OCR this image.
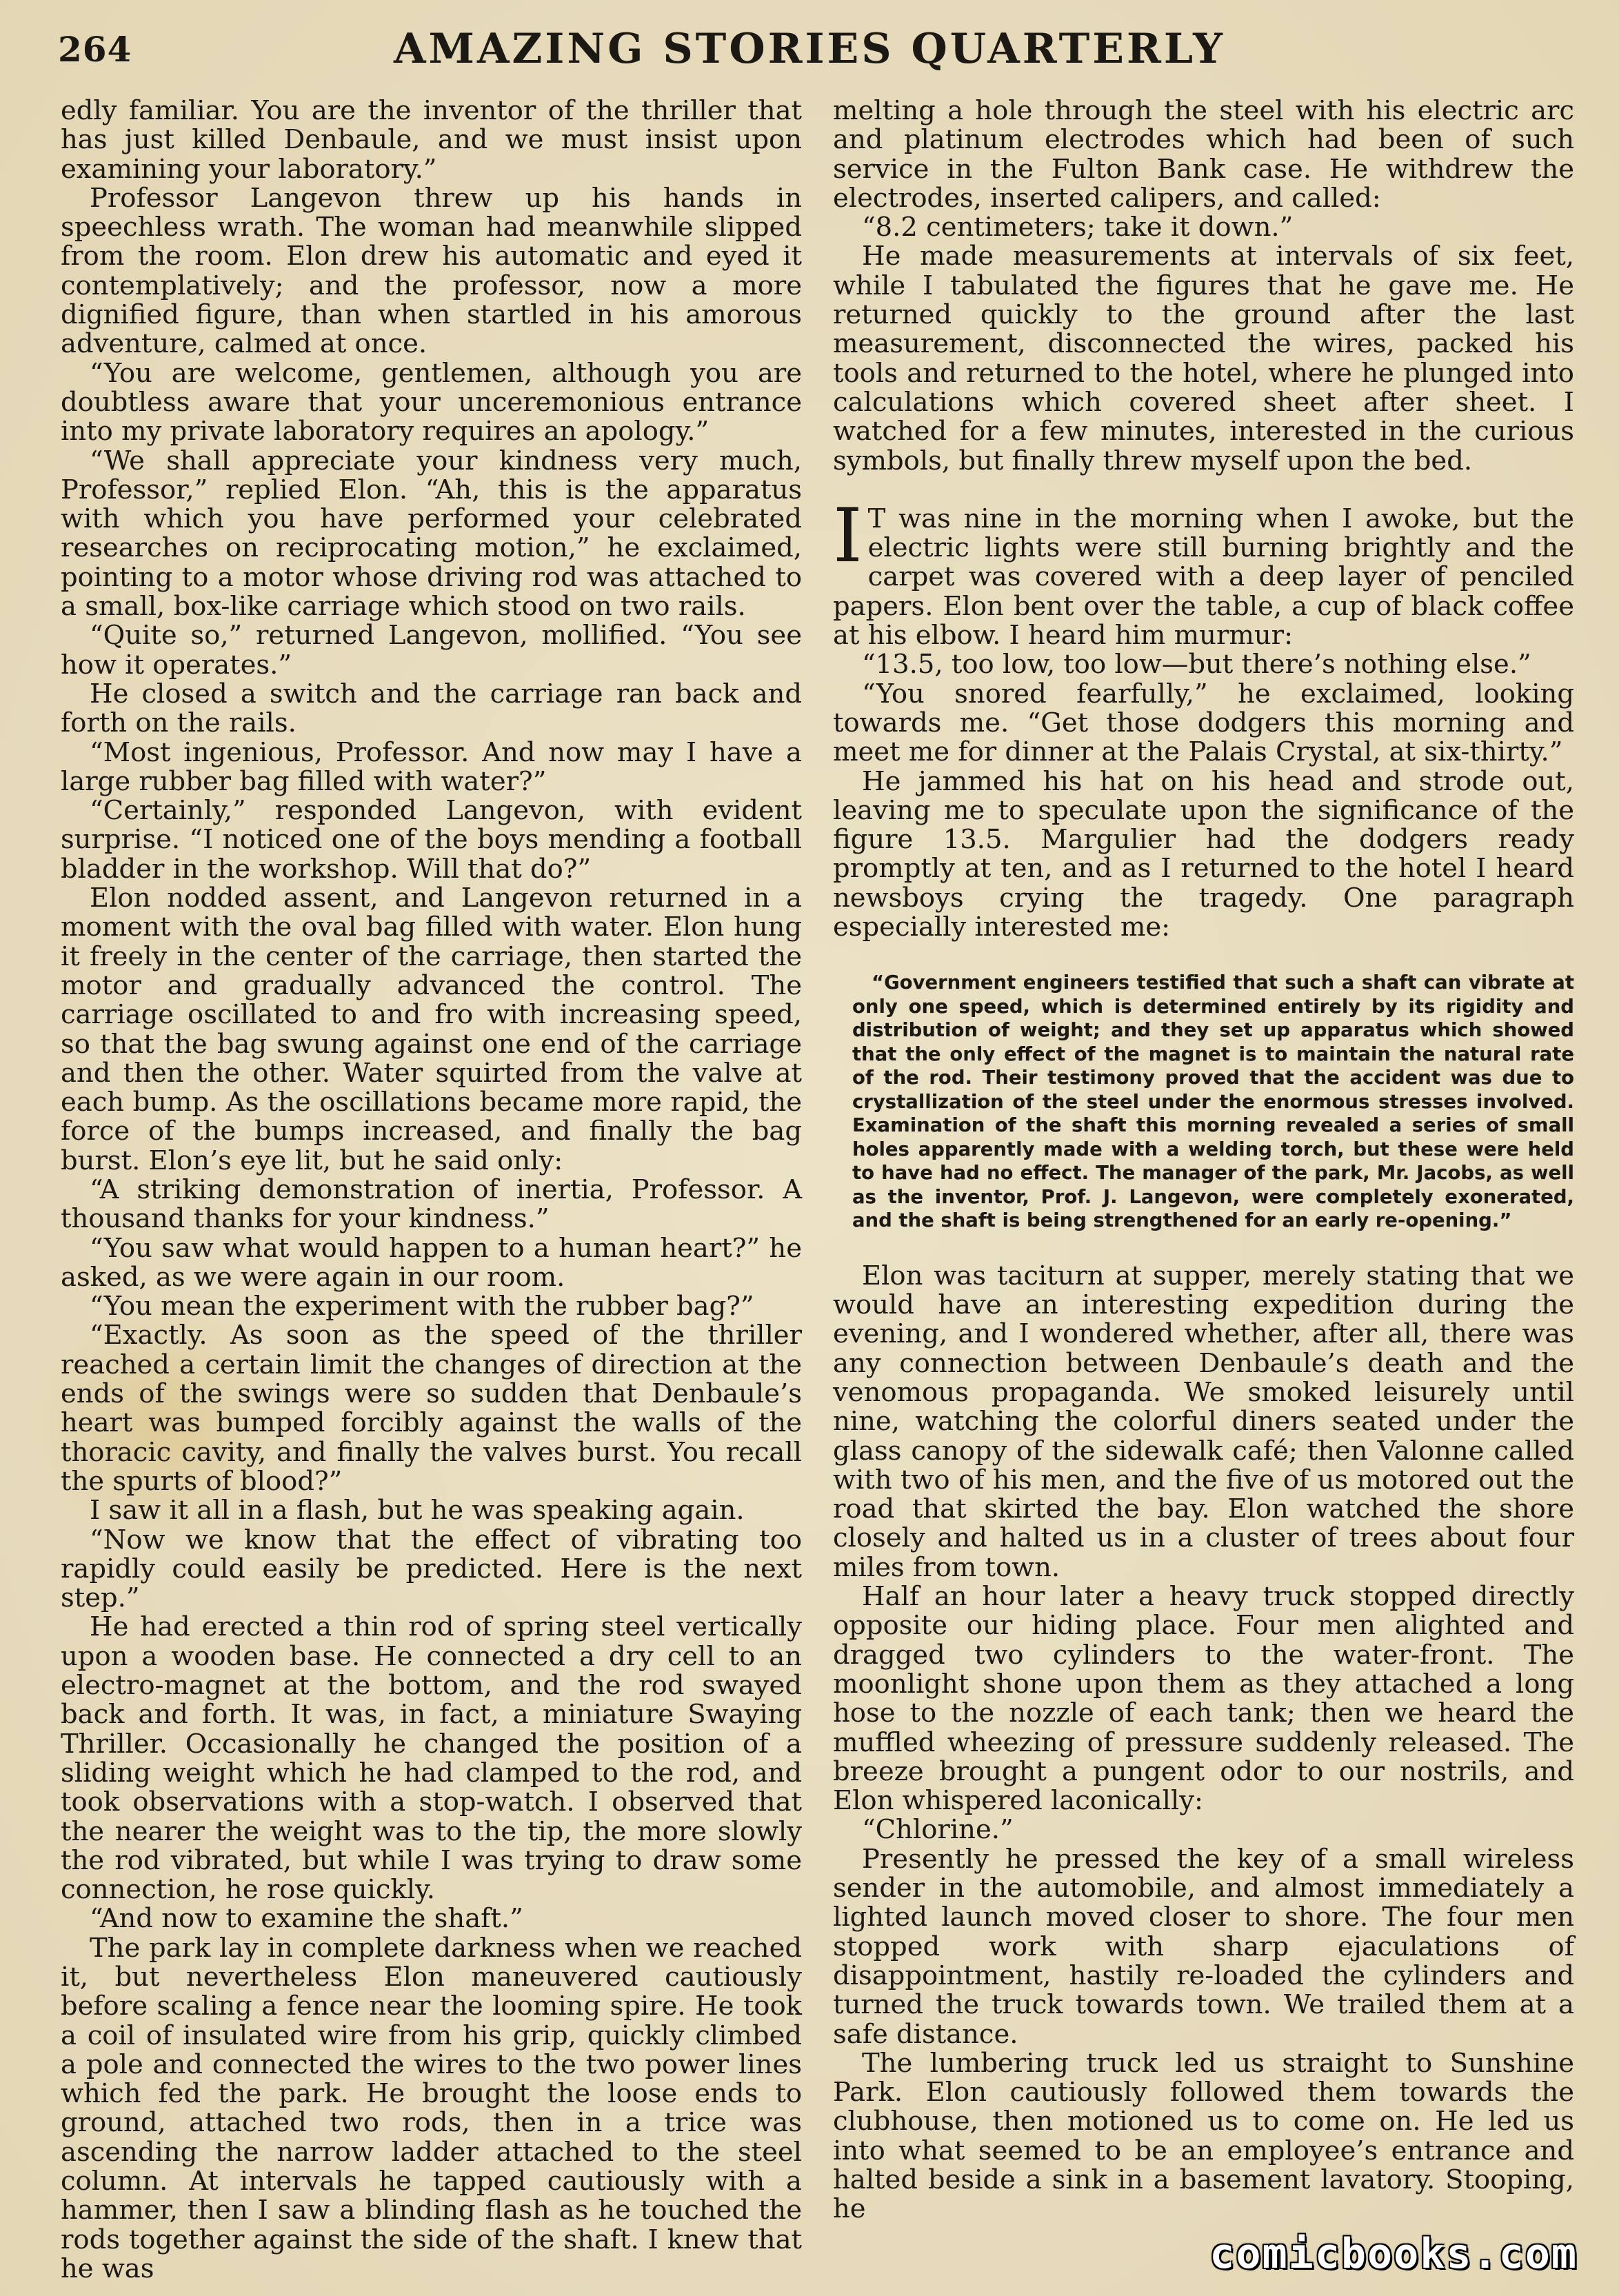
264	AMAZING STORIES QUARTERLY

edly familiar. You are the inventor of the thriller that has just killed Denbaule, and we must insist upon examining your laboratory.”

Professor Langevon threw up his hands in speechless wrath. The woman had meanwhile slipped from the room. Elon drew his automatic and eyed it contemplatively; and the professor, now a more dignified figure, than when startled in his amorous adventure, calmed at once.

“You are welcome, gentlemen, although you are doubtless aware that your unceremonious entrance into my private laboratory requires an apology.”

“We shall appreciate your kindness very much, Professor,” replied Elon. “Ah, this is the apparatus with which you have performed your celebrated researches on reciprocating motion,” he exclaimed, pointing to a motor whose driving rod was attached to a small, box-like carriage which stood on two rails.

“Quite so,” returned Langevon, mollified. “You see how it operates.”

He closed a switch and the carriage ran back and forth on the rails.

“Most ingenious, Professor. And now may I have a large rubber bag filled with water?”

“Certainly,” responded Langevon, with evident surprise. “I noticed one of the boys mending a football bladder in the workshop. Will that do?”

Elon nodded assent, and Langevon returned in a moment with the oval bag filled with water. Elon hung it freely in the center of the carriage, then started the motor and gradually advanced the control. The carriage oscillated to and fro with increasing speed, so that the bag swung against one end of the carriage and then the other. Water squirted from the valve at each bump. As the oscillations became more rapid, the force of the bumps increased, and finally the bag burst. Elon’s eye lit, but he said only:

“A striking demonstration of inertia, Professor. A thousand thanks for your kindness.”

“You saw what would happen to a human heart?” he asked, as we were again in our room.

“You mean the experiment with the rubber bag?”

“Exactly. As soon as the speed of the thriller reached a certain limit the changes of direction at the ends of the swings were so sudden that Denbaule’s heart was bumped forcibly against the walls of the thoracic cavity, and finally the valves burst. You recall the spurts of blood?”

I saw it all in a flash, but he was speaking again.

“Now we know that the effect of vibrating too rapidly could easily be predicted. Here is the next step.”

He had erected a thin rod of spring steel vertically upon a wooden base. He connected a dry cell to an electro-magnet at the bottom, and the rod swayed back and forth. It was, in fact, a miniature Swaying Thriller. Occasionally he changed the position of a sliding weight which he had clamped to the rod, and took observations with a stop-watch. I observed that the nearer the weight was to the tip, the more slowly the rod vibrated, but while I was trying to draw some connection, he rose quickly.

“And now to examine the shaft.”

The park lay in complete darkness when we reached it, but nevertheless Elon maneuvered cautiously before scaling a fence near the looming spire. He took a coil of insulated wire from his grip, quickly climbed a pole and connected the wires to the two power lines which fed the park. He brought the loose ends to ground, attached two rods, then in a trice was ascending the narrow ladder attached to the steel column. At intervals he tapped cautiously with a hammer, then I saw a blinding flash as he touched the rods together against the side of the shaft. I knew that he was

melting a hole through the steel with his electric arc and platinum electrodes which had been of such service in the Fulton Bank case. He withdrew the electrodes, inserted calipers, and called:

“8.2 centimeters; take it down.”

He made measurements at intervals of six feet, while I tabulated the figures that he gave me. He returned quickly to the ground after the last measurement, disconnected the wires, packed his tools and returned to the hotel, where he plunged into calculations which covered sheet after sheet. I watched for a few minutes, interested in the curious symbols, but finally threw myself upon the bed.

I T was nine in the morning when I awoke, but the electric lights were still burning brightly and the carpet was covered with a deep layer of penciled papers. Elon bent over the table, a cup of black coffee at his elbow. I heard him murmur:

“13.5, too low, too low—but there’s nothing else.”

“You snored fearfully,” he exclaimed, looking towards me. “Get those dodgers this morning and meet me for dinner at the Palais Crystal, at six-thirty.”

He jammed his hat on his head and strode out, leaving me to speculate upon the significance of the figure 13.5. Margulier had the dodgers ready promptly at ten, and as I returned to the hotel I heard newsboys crying the tragedy. One paragraph especially interested me:

“Government engineers testified that such a shaft can vibrate at only one speed, which is determined entirely by its rigidity and distribution of weight; and they set up apparatus which showed that the only effect of the magnet is to maintain the natural rate of the rod. Their testimony proved that the accident was due to crystallization of the steel under the enormous stresses involved. Examination of the shaft this morning revealed a series of small holes apparently made with a welding torch, but these were held to have had no effect. The manager of the park, Mr. Jacobs, as well as the inventor, Prof. J. Langevon, were completely exonerated, and the shaft is being strengthened for an early re-opening.”

Elon was taciturn at supper, merely stating that we would have an interesting expedition during the evening, and I wondered whether, after all, there was any connection between Denbaule’s death and the venomous propaganda. We smoked leisurely until nine, watching the colorful diners seated under the glass canopy of the sidewalk café; then Valonne called with two of his men, and the five of us motored out the road that skirted the bay. Elon watched the shore closely and halted us in a cluster of trees about four miles from town.

Half an hour later a heavy truck stopped directly opposite our hiding place. Four men alighted and dragged two cylinders to the water-front. The moonlight shone upon them as they attached a long hose to the nozzle of each tank; then we heard the muffled wheezing of pressure suddenly released. The breeze brought a pungent odor to our nostrils, and Elon whispered laconically:

“Chlorine.”

Presently he pressed the key of a small wireless sender in the automobile, and almost immediately a lighted launch moved closer to shore. The four men stopped work with sharp ejaculations of disappointment, hastily re-loaded the cylinders and turned the truck towards town. We trailed them at a safe distance.

The lumbering truck led us straight to Sunshine Park. Elon cautiously followed them towards the clubhouse, then motioned us to come on. He led us into what seemed to be an employee’s entrance and halted beside a sink in a basement lavatory. Stooping, he

comicbooks.com
